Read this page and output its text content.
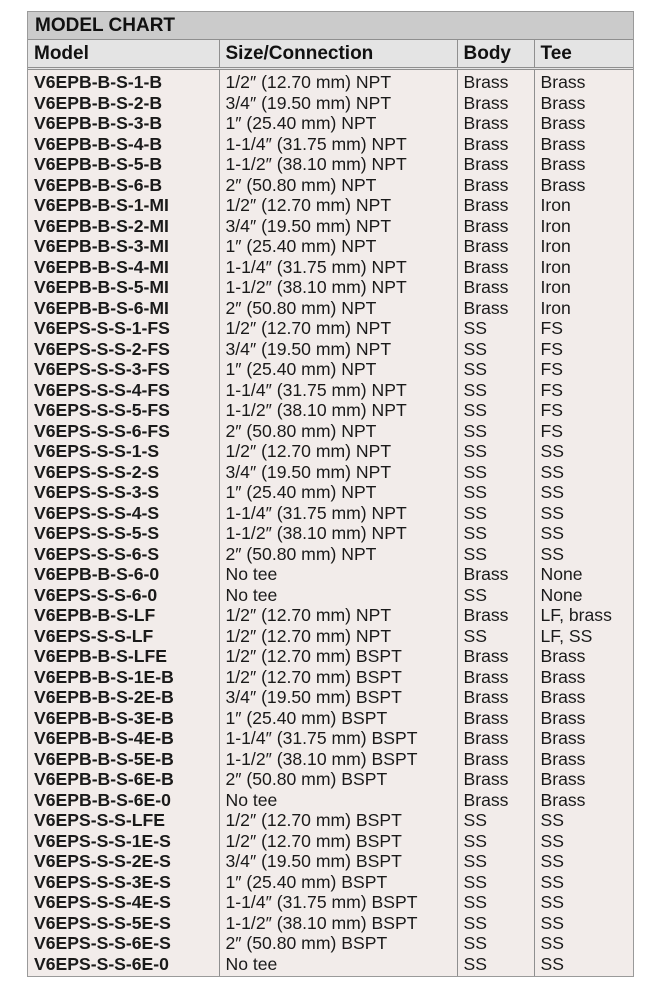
MODEL CHART
Model	Size/Connection	Body	Tee
V6EPB-B-S-1-B	1/2″ (12.70 mm) NPT	Brass	Brass
V6EPB-B-S-2-B	3/4″ (19.50 mm) NPT	Brass	Brass
V6EPB-B-S-3-B	1″ (25.40 mm) NPT	Brass	Brass
V6EPB-B-S-4-B	1-1/4″ (31.75 mm) NPT	Brass	Brass
V6EPB-B-S-5-B	1-1/2″ (38.10 mm) NPT	Brass	Brass
V6EPB-B-S-6-B	2″ (50.80 mm) NPT	Brass	Brass
V6EPB-B-S-1-MI	1/2″ (12.70 mm) NPT	Brass	Iron
V6EPB-B-S-2-MI	3/4″ (19.50 mm) NPT	Brass	Iron
V6EPB-B-S-3-MI	1″ (25.40 mm) NPT	Brass	Iron
V6EPB-B-S-4-MI	1-1/4″ (31.75 mm) NPT	Brass	Iron
V6EPB-B-S-5-MI	1-1/2″ (38.10 mm) NPT	Brass	Iron
V6EPB-B-S-6-MI	2″ (50.80 mm) NPT	Brass	Iron
V6EPS-S-S-1-FS	1/2″ (12.70 mm) NPT	SS	FS
V6EPS-S-S-2-FS	3/4″ (19.50 mm) NPT	SS	FS
V6EPS-S-S-3-FS	1″ (25.40 mm) NPT	SS	FS
V6EPS-S-S-4-FS	1-1/4″ (31.75 mm) NPT	SS	FS
V6EPS-S-S-5-FS	1-1/2″ (38.10 mm) NPT	SS	FS
V6EPS-S-S-6-FS	2″ (50.80 mm) NPT	SS	FS
V6EPS-S-S-1-S	1/2″ (12.70 mm) NPT	SS	SS
V6EPS-S-S-2-S	3/4″ (19.50 mm) NPT	SS	SS
V6EPS-S-S-3-S	1″ (25.40 mm) NPT	SS	SS
V6EPS-S-S-4-S	1-1/4″ (31.75 mm) NPT	SS	SS
V6EPS-S-S-5-S	1-1/2″ (38.10 mm) NPT	SS	SS
V6EPS-S-S-6-S	2″ (50.80 mm) NPT	SS	SS
V6EPB-B-S-6-0	No tee	Brass	None
V6EPS-S-S-6-0	No tee	SS	None
V6EPB-B-S-LF	1/2″ (12.70 mm) NPT	Brass	LF, brass
V6EPS-S-S-LF	1/2″ (12.70 mm) NPT	SS	LF, SS
V6EPB-B-S-LFE	1/2″ (12.70 mm) BSPT	Brass	Brass
V6EPB-B-S-1E-B	1/2″ (12.70 mm) BSPT	Brass	Brass
V6EPB-B-S-2E-B	3/4″ (19.50 mm) BSPT	Brass	Brass
V6EPB-B-S-3E-B	1″ (25.40 mm) BSPT	Brass	Brass
V6EPB-B-S-4E-B	1-1/4″ (31.75 mm) BSPT	Brass	Brass
V6EPB-B-S-5E-B	1-1/2″ (38.10 mm) BSPT	Brass	Brass
V6EPB-B-S-6E-B	2″ (50.80 mm) BSPT	Brass	Brass
V6EPB-B-S-6E-0	No tee	Brass	Brass
V6EPS-S-S-LFE	1/2″ (12.70 mm) BSPT	SS	SS
V6EPS-S-S-1E-S	1/2″ (12.70 mm) BSPT	SS	SS
V6EPS-S-S-2E-S	3/4″ (19.50 mm) BSPT	SS	SS
V6EPS-S-S-3E-S	1″ (25.40 mm) BSPT	SS	SS
V6EPS-S-S-4E-S	1-1/4″ (31.75 mm) BSPT	SS	SS
V6EPS-S-S-5E-S	1-1/2″ (38.10 mm) BSPT	SS	SS
V6EPS-S-S-6E-S	2″ (50.80 mm) BSPT	SS	SS
V6EPS-S-S-6E-0	No tee	SS	SS
